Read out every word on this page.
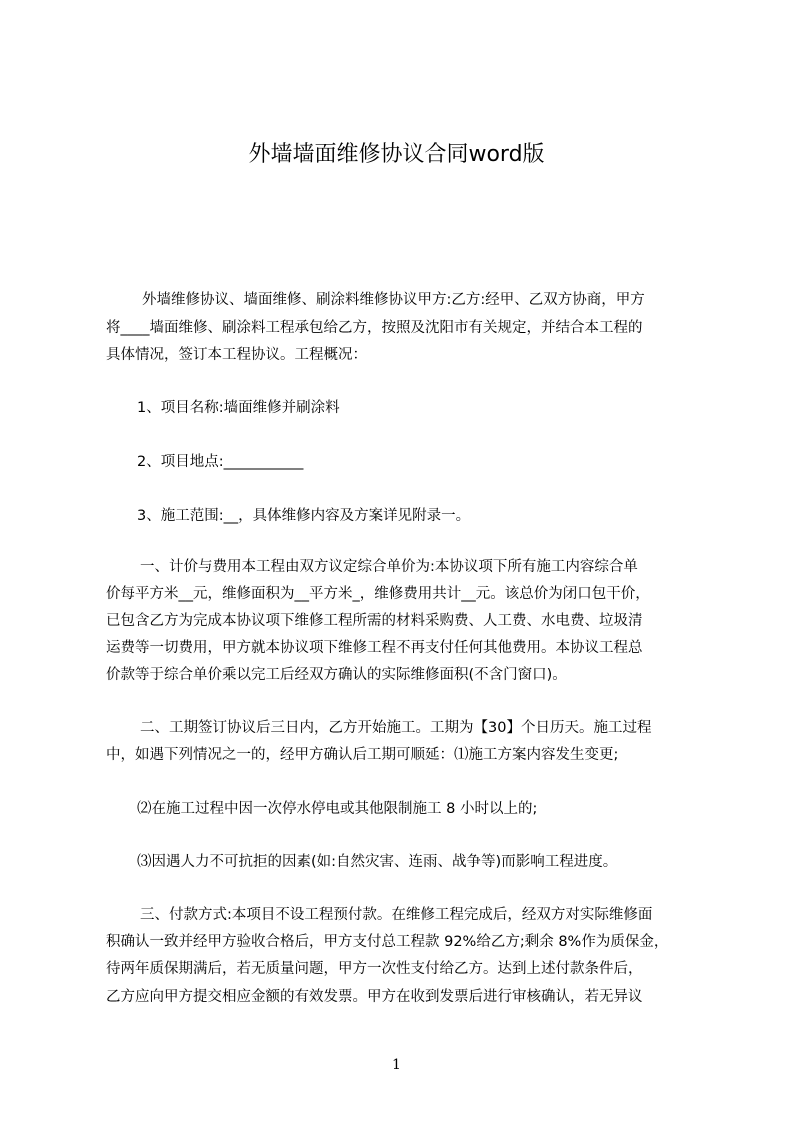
外墙墙面维修协议合同word版
外墙维修协议、墙面维修、刷涂料维修协议甲方:乙方:经甲、乙双方协商，甲方
将____墙面维修、刷涂料工程承包给乙方，按照及沈阳市有关规定，并结合本工程的
具体情况，签订本工程协议。工程概况：
1、项目名称:墙面维修并刷涂料
2、项目地点:___________
3、施工范围:__，具体维修内容及方案详见附录一。
一、计价与费用本工程由双方议定综合单价为:本协议项下所有施工内容综合单
价每平方米__元，维修面积为__平方米_，维修费用共计__元。该总价为闭口包干价，
已包含乙方为完成本协议项下维修工程所需的材料采购费、人工费、水电费、垃圾清
运费等一切费用，甲方就本协议项下维修工程不再支付任何其他费用。本协议工程总
价款等于综合单价乘以完工后经双方确认的实际维修面积(不含门窗口)。
二、工期签订协议后三日内，乙方开始施工。工期为【30】个日历天。施工过程
中，如遇下列情况之一的，经甲方确认后工期可顺延：⑴施工方案内容发生变更;
⑵在施工过程中因一次停水停电或其他限制施工 8 小时以上的;
⑶因遇人力不可抗拒的因素(如:自然灾害、连雨、战争等)而影响工程进度。
三、付款方式:本项目不设工程预付款。在维修工程完成后，经双方对实际维修面
积确认一致并经甲方验收合格后，甲方支付总工程款 92%给乙方;剩余 8%作为质保金，
待两年质保期满后，若无质量问题，甲方一次性支付给乙方。达到上述付款条件后，
乙方应向甲方提交相应金额的有效发票。甲方在收到发票后进行审核确认，若无异议
1
